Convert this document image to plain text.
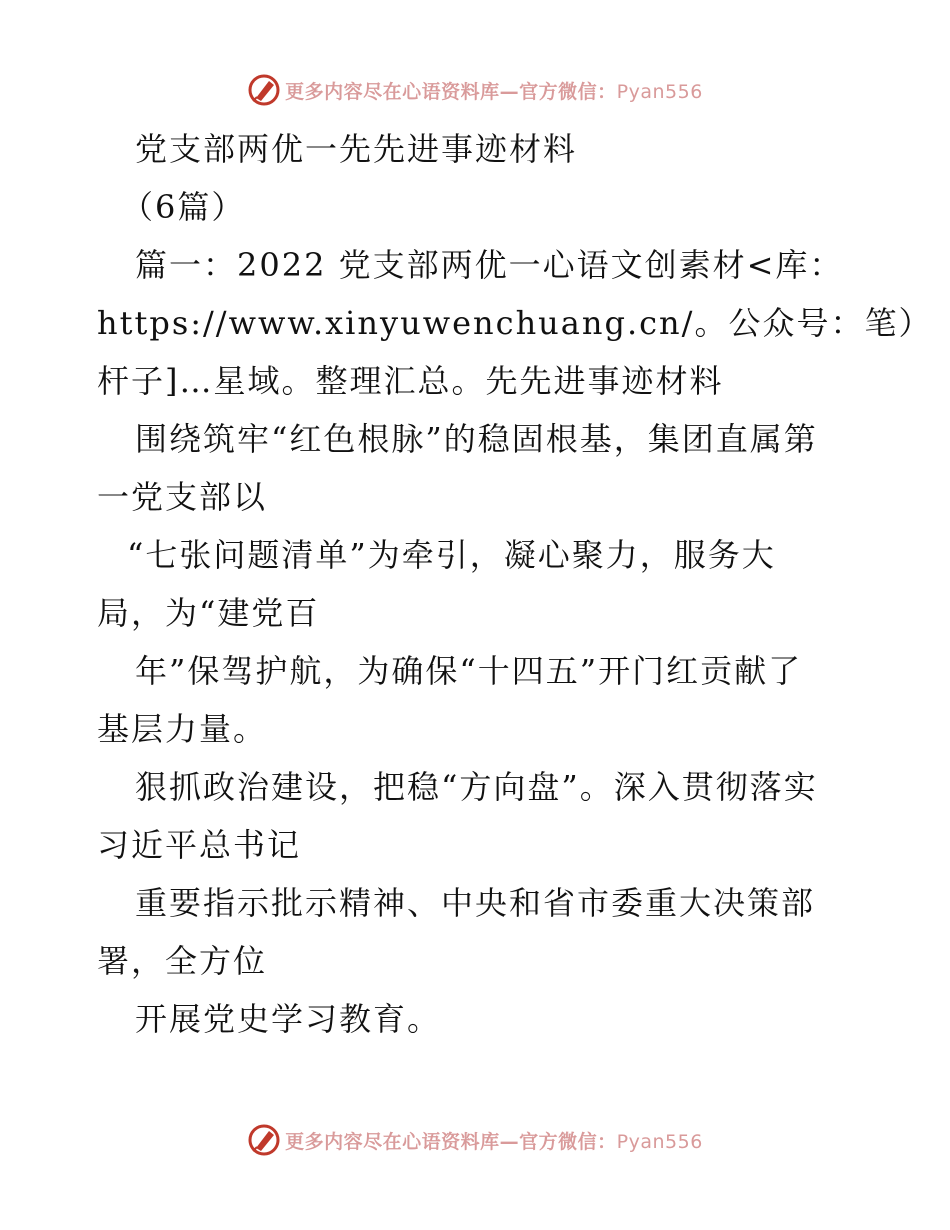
更多内容尽在心语资料库—官方微信：Pyan556
党支部两优一先先进事迹材料
（6篇）
篇一：2022 党支部两优一心语文创素材<库：
https://www.xinyuwenchuang.cn/。公众号：笔）
杆子]…星域。整理汇总。先先进事迹材料
围绕筑牢“红色根脉”的稳固根基，集团直属第
一党支部以
“七张问题清单”为牵引，凝心聚力，服务大
局，为“建党百
年”保驾护航，为确保“十四五”开门红贡献了
基层力量。
狠抓政治建设，把稳“方向盘”。深入贯彻落实
习近平总书记
重要指示批示精神、中央和省市委重大决策部
署，全方位
开展党史学习教育。
更多内容尽在心语资料库—官方微信：Pyan556
